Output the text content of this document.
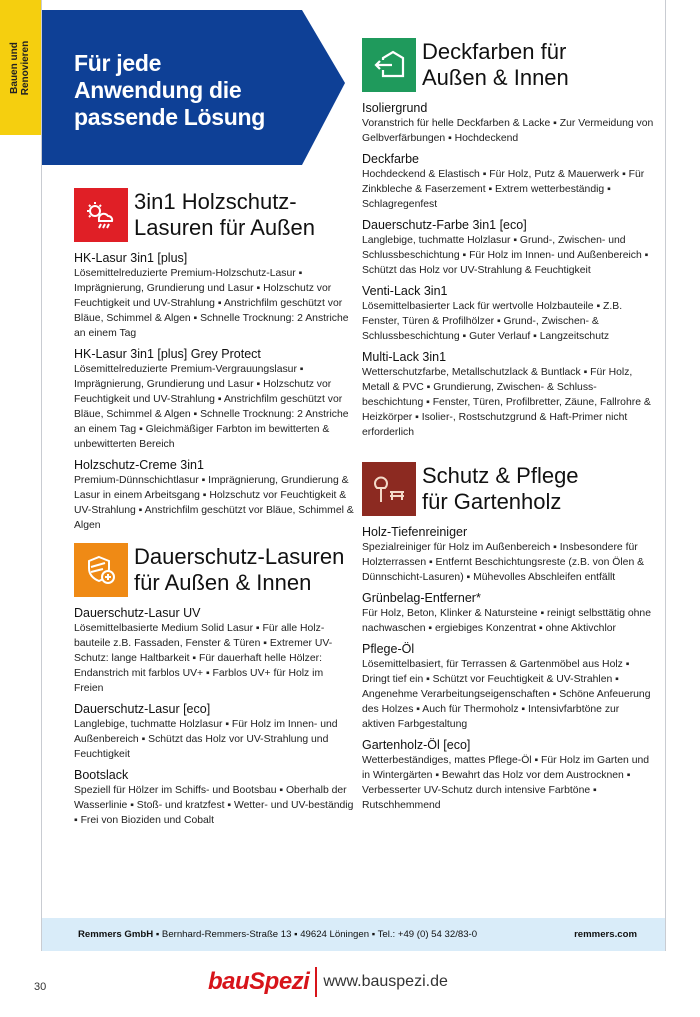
Bauen und Renovieren Für jede
Anwendung die
passende Lösung
3in1 Holzschutz-
Lasuren für Außen
HK-Lasur 3in1 [plus]
Lösemittelreduzierte Premium-Holzschutz-Lasur ▪ Imprägnierung, Grundierung und Lasur ▪ Holzschutz vor Feuchtigkeit und UV-Strahlung ▪ Anstrichfilm geschützt vor Bläue, Schimmel & Algen ▪ Schnelle Trocknung: 2 Anstriche an einem Tag
HK-Lasur 3in1 [plus] Grey Protect
Lösemittelreduzierte Premium-Vergrauungslasur ▪ Imprägnierung, Grundierung und Lasur ▪ Holzschutz vor Feuchtigkeit und UV-Strahlung ▪ Anstrichfilm geschützt vor Bläue, Schimmel & Algen ▪ Schnelle Trocknung: 2 Anstriche an einem Tag ▪ Gleichmäßiger Farbton im bewitterten & unbewitterten Bereich
Holzschutz-Creme 3in1
Premium-Dünnschichtlasur ▪ Imprägnierung, Grundierung & Lasur in einem Arbeitsgang ▪ Holzschutz vor Feuchtigkeit & UV-Strahlung ▪ Anstrichfilm geschützt vor Bläue, Schimmel & Algen
Dauerschutz-Lasuren
für Außen & Innen
Dauerschutz-Lasur UV
Lösemittelbasierte Medium Solid Lasur ▪ Für alle Holzbauteile z.B. Fassaden, Fenster & Türen ▪ Extremer UV-Schutz: lange Haltbarkeit ▪ Für dauerhaft helle Hölzer: Endanstrich mit farblos UV+ ▪ Farblos UV+ für Holz im Freien
Dauerschutz-Lasur [eco]
Langlebige, tuchmatte Holzlasur ▪ Für Holz im Innen- und Außenbereich ▪ Schützt das Holz vor UV-Strahlung und Feuchtigkeit
Bootslack
Speziell für Hölzer im Schiffs- und Bootsbau ▪ Oberhalb der Wasserlinie ▪ Stoß- und kratzfest ▪ Wetter- und UV-beständig ▪ Frei von Bioziden und Cobalt
Deckfarben für
Außen & Innen
Isoliergrund
Voranstrich für helle Deckfarben & Lacke ▪ Zur Vermeidung von Gelbverfärbungen ▪ Hochdeckend
Deckfarbe
Hochdeckend & Elastisch ▪ Für Holz, Putz & Mauerwerk ▪ Für Zinkbleche & Faserzement ▪ Extrem wetterbeständig ▪ Schlagregenfest
Dauerschutz-Farbe 3in1 [eco]
Langlebige, tuchmatte Holzlasur ▪ Grund-, Zwischen- und Schlussbeschichtung ▪ Für Holz im Innen- und Außenbereich ▪ Schützt das Holz vor UV-Strahlung & Feuchtigkeit
Venti-Lack 3in1
Lösemittelbasierter Lack für wertvolle Holzbauteile ▪ Z.B. Fenster, Türen & Profilhölzer ▪ Grund-, Zwischen- & Schlussbeschichtung ▪ Guter Verlauf ▪ Langzeitschutz
Multi-Lack 3in1
Wetterschutzfarbe, Metallschutzlack & Buntlack ▪ Für Holz, Metall & PVC ▪ Grundierung, Zwischen- & Schlussbeschichtung ▪ Fenster, Türen, Profilbretter, Zäune, Fallrohre & Heizkörper ▪ Isolier-, Rostschutzgrund & Haft-Primer nicht erforderlich
Schutz & Pflege
für Gartenholz
Holz-Tiefenreiniger
Spezialreiniger für Holz im Außenbereich ▪ Insbesondere für Holzterrassen ▪ Entfernt Beschichtungsreste (z.B. von Ölen & Dünnschicht-Lasuren) ▪ Mühevolles Abschleifen entfällt
Grünbelag-Entferner*
Für Holz, Beton, Klinker & Natursteine ▪ reinigt selbsttätig ohne nachwaschen ▪ ergiebiges Konzentrat ▪ ohne Aktivchlor
Pflege-Öl
Lösemittelbasiert, für Terrassen & Gartenmöbel aus Holz ▪ Dringt tief ein ▪ Schützt vor Feuchtigkeit & UV-Strahlen ▪ Angenehme Verarbeitungseigenschaften ▪ Schöne Anfeuerung des Holzes ▪ Auch für Thermoholz ▪ Intensivfarbtöne zur aktiven Farbgestaltung
Gartenholz-Öl [eco]
Wetterbeständiges, mattes Pflege-Öl ▪ Für Holz im Garten und in Wintergärten ▪ Bewahrt das Holz vor dem Austrocknen ▪ Verbesserter UV-Schutz durch intensive Farbtöne ▪ Rutschhemmend
Remmers GmbH ▪ Bernhard-Remmers-Straße 13 ▪ 49624 Löningen ▪ Tel.: +49 (0) 54 32/83-0	remmers.com
30	bauSpezi www.bauspezi.de
